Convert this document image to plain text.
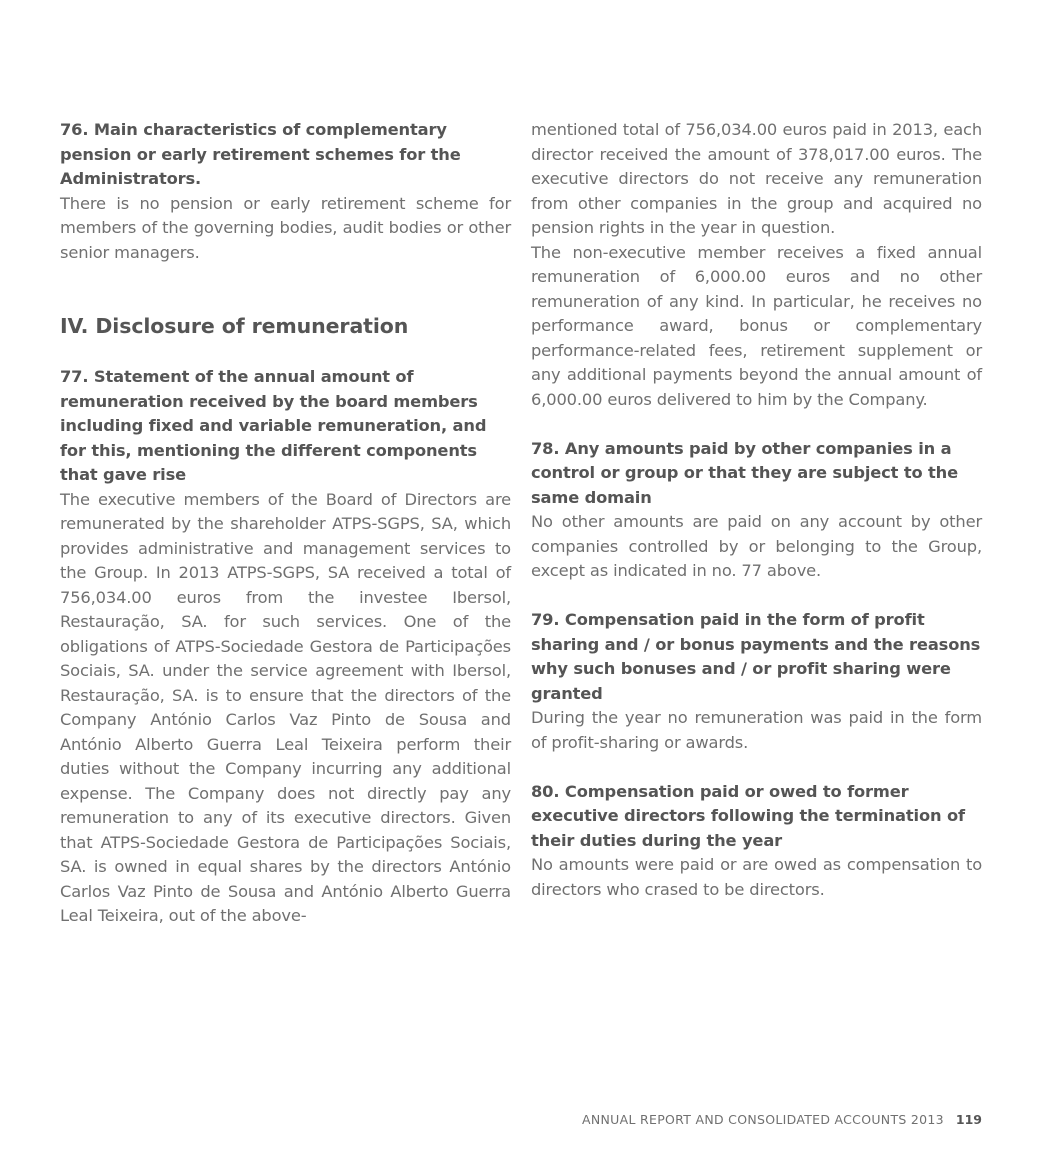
76. Main characteristics of complementary pension or early retirement schemes for the Administrators.

There is no pension or early retirement scheme for members of the governing bodies, audit bodies or other senior managers.

IV. Disclosure of remuneration
77. Statement of the annual amount of remuneration received by the board members including fixed and variable remuneration, and for this, mentioning the different components that gave rise

The executive members of the Board of Directors are remunerated by the shareholder ATPS-SGPS, SA, which provides administrative and management services to the Group. In 2013 ATPS-SGPS, SA received a total of 756,034.00 euros from the investee Ibersol, Restauração, SA. for such services. One of the obligations of ATPS-Sociedade Gestora de Participações Sociais, SA. under the service agreement with Ibersol, Restauração, SA. is to ensure that the directors of the Company António Carlos Vaz Pinto de Sousa and António Alberto Guerra Leal Teixeira perform their duties without the Company incurring any additional expense. The Company does not directly pay any remuneration to any of its executive directors. Given that ATPS-Sociedade Gestora de Participações Sociais, SA. is owned in equal shares by the directors António Carlos Vaz Pinto de Sousa and António Alberto Guerra Leal Teixeira, out of the above-

mentioned total of 756,034.00 euros paid in 2013, each director received the amount of 378,017.00 euros. The executive directors do not receive any remuneration from other companies in the group and acquired no pension rights in the year in question.

The non-executive member receives a fixed annual remuneration of 6,000.00 euros and no other remuneration of any kind. In particular, he receives no performance award, bonus or complementary performance-related fees, retirement supplement or any additional payments beyond the annual amount of 6,000.00 euros delivered to him by the Company.

78. Any amounts paid by other companies in a control or group or that they are subject to the same domain

No other amounts are paid on any account by other companies controlled by or belonging to the Group, except as indicated in no. 77 above.

79. Compensation paid in the form of profit sharing and / or bonus payments and the reasons why such bonuses and / or profit sharing were granted

During the year no remuneration was paid in the form of profit-sharing or awards.

80. Compensation paid or owed to former executive directors following the termination of their duties during the year

No amounts were paid or are owed as compensation to directors who crased to be directors.

ANNUAL REPORT AND CONSOLIDATED ACCOUNTS 2013 119
